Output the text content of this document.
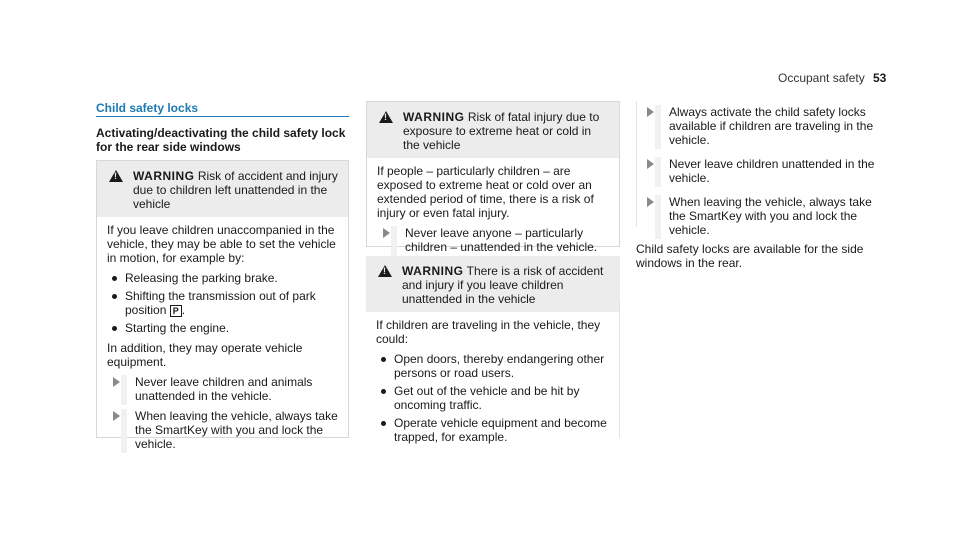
Occupant safety 53
Child safety locks
Activating/deactivating the child safety lock for the rear side windows
!
WARNING Risk of accident and injury due to children left unattended in the vehicle

If you leave children unaccompanied in the vehicle, they may be able to set the vehicle in motion, for example by:

Releasing the parking brake.
Shifting the transmission out of park position P .
Starting the engine.

In addition, they may operate vehicle equipment.

Never leave children and animals unattended in the vehicle.
When leaving the vehicle, always take the SmartKey with you and lock the vehicle.
!
WARNING Risk of fatal injury due to exposure to extreme heat or cold in the vehicle

If people – particularly children – are exposed to extreme heat or cold over an extended period of time, there is a risk of injury or even fatal injury.

Never leave anyone – particularly children – unattended in the vehicle.
!
WARNING There is a risk of accident and injury if you leave children unattended in the vehicle

If children are traveling in the vehicle, they could:

Open doors, thereby endangering other persons or road users.
Get out of the vehicle and be hit by oncoming traffic.
Operate vehicle equipment and become trapped, for example.
Always activate the child safety locks available if children are traveling in the vehicle.
Never leave children unattended in the vehicle.
When leaving the vehicle, always take the SmartKey with you and lock the vehicle.

Child safety locks are available for the side windows in the rear.
